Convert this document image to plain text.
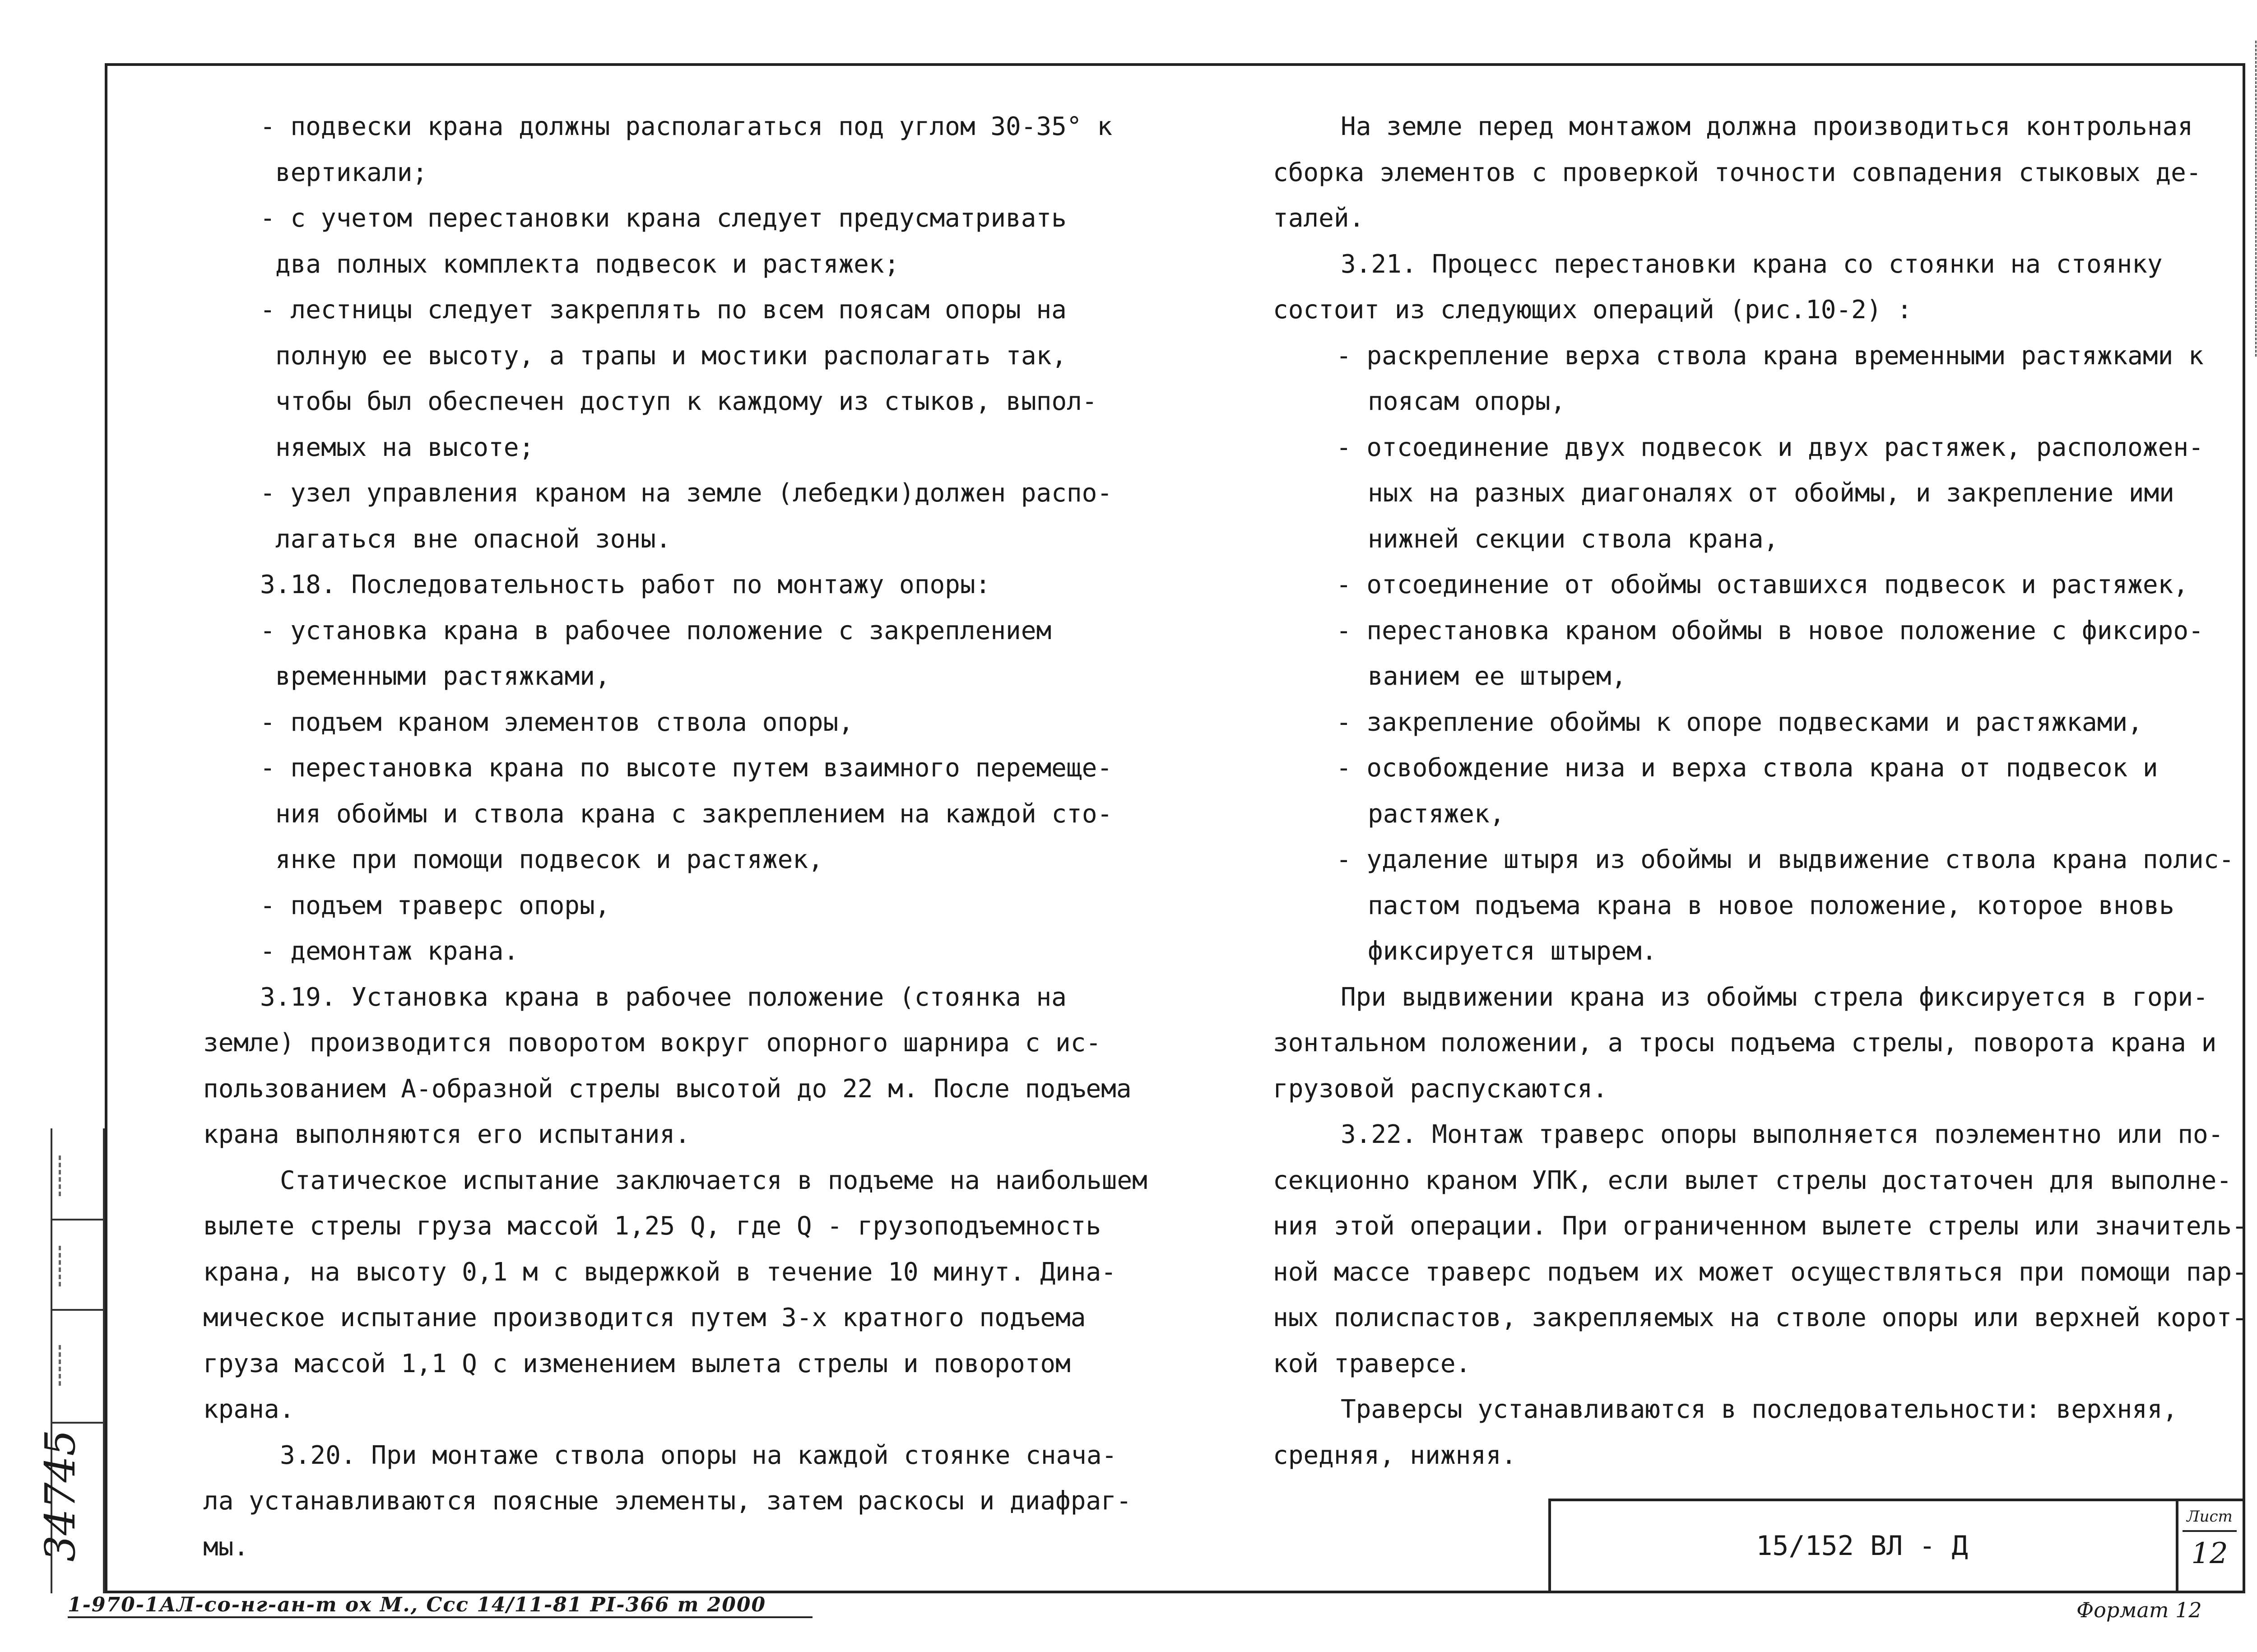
34745
- подвески крана должны располагаться под углом 30-35° к
вертикали;
- с учетом перестановки крана следует предусматривать
два полных комплекта подвесок и растяжек;
- лестницы следует закреплять по всем поясам опоры на
полную ее высоту, а трапы и мостики располагать так,
чтобы был обеспечен доступ к каждому из стыков, выпол-
няемых на высоте;
- узел управления краном на земле (лебедки)должен распо-
лагаться вне опасной зоны.
3.18. Последовательность работ по монтажу опоры:
- установка крана в рабочее положение с закреплением
временными растяжками,
- подъем краном элементов ствола опоры,
- перестановка крана по высоте путем взаимного перемеще-
ния обоймы и ствола крана с закреплением на каждой сто-
янке при помощи подвесок и растяжек,
- подъем траверс опоры,
- демонтаж крана.
3.19. Установка крана в рабочее положение (стоянка на
земле) производится поворотом вокруг опорного шарнира с ис-
пользованием А-образной стрелы высотой до 22 м. После подъема
крана выполняются его испытания.
Статическое испытание заключается в подъеме на наибольшем
вылете стрелы груза массой 1,25 Q, где Q - грузоподъемность
крана, на высоту 0,1 м с выдержкой в течение 10 минут. Дина-
мическое испытание производится путем 3-х кратного подъема
груза массой 1,1 Q с изменением вылета стрелы и поворотом
крана.
3.20. При монтаже ствола опоры на каждой стоянке снача-
ла устанавливаются поясные элементы, затем раскосы и диафраг-
мы.
На земле перед монтажом должна производиться контрольная
сборка элементов с проверкой точности совпадения стыковых де-
талей.
3.21. Процесс перестановки крана со стоянки на стоянку
состоит из следующих операций (рис.10-2) :
- раскрепление верха ствола крана временными растяжками к
поясам опоры,
- отсоединение двух подвесок и двух растяжек, расположен-
ных на разных диагоналях от обоймы, и закрепление ими
нижней секции ствола крана,
- отсоединение от обоймы оставшихся подвесок и растяжек,
- перестановка краном обоймы в новое положение с фиксиро-
ванием ее штырем,
- закрепление обоймы к опоре подвесками и растяжками,
- освобождение низа и верха ствола крана от подвесок и
растяжек,
- удаление штыря из обоймы и выдвижение ствола крана полис-
пастом подъема крана в новое положение, которое вновь
фиксируется штырем.
При выдвижении крана из обоймы стрела фиксируется в гори-
зонтальном положении, а тросы подъема стрелы, поворота крана и
грузовой распускаются.
3.22. Монтаж траверс опоры выполняется поэлементно или по-
секционно краном УПК, если вылет стрелы достаточен для выполне-
ния этой операции. При ограниченном вылете стрелы или значитель-
ной массе траверс подъем их может осуществляться при помощи пар-
ных полиспастов, закрепляемых на стволе опоры или верхней корот-
кой траверсе.
Траверсы устанавливаются в последовательности: верхняя,
средняя, нижняя.
15/152 ВЛ - Д
Лист
12
1-970-1АЛ-со-нг-ан-т ох М., Ссс 14/11-81 РI-366 т 2000	Формат 12
